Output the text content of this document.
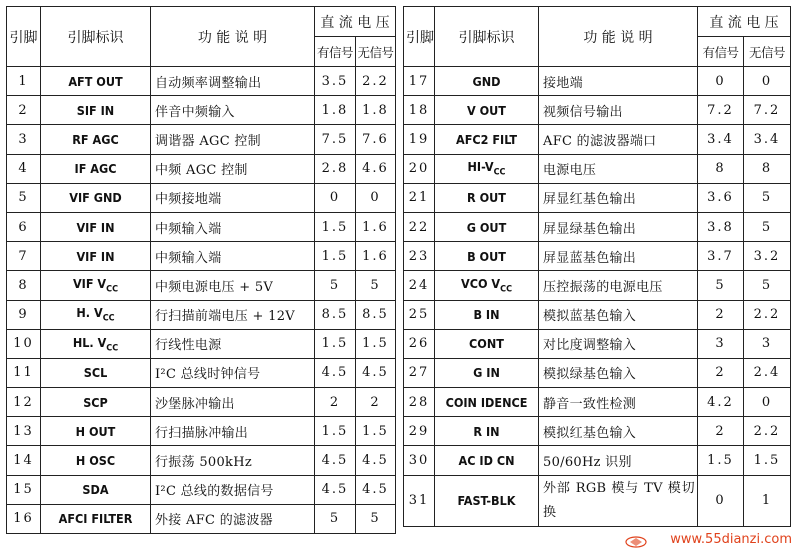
引脚	引脚标识	功 能 说 明	直 流 电 压	
			有信号	无信号
1	AFT OUT	自动频率调整输出	3.5	2.2
2	SIF IN	伴音中频输入	1.8	1.8
3	RF AGC	调谐器 AGC 控制	7.5	7.6
4	IF AGC	中频 AGC 控制	2.8	4.6
5	VIF GND	中频接地端	0	0
6	VIF IN	中频输入端	1.5	1.6
7	VIF IN	中频输入端	1.5	1.6
8	VIF $V_{CC}$	中频电源电压 + 5V	5	5
9	H. $V_{CC}$	行扫描前端电压 + 12V	8.5	8.5
10	HL. $V_{CC}$	行线性电源	1.5	1.5
11	SCL	I²C 总线时钟信号	4.5	4.5
12	SCP	沙堡脉冲输出	2	2
13	H OUT	行扫描脉冲输出	1.5	1.5
14	H OSC	行振荡 500kHz	4.5	4.5
15	SDA	I²C 总线的数据信号	4.5	4.5
16	AFCI FILTER	外接 AFC 的滤波器	5	5
引脚	引脚标识	功 能 说 明	直 流 电 压	
			有信号	无信号
17	GND	接地端	0	0
18	V OUT	视频信号输出	7.2	7.2
19	AFC2 FILT	AFC 的滤波器端口	3.4	3.4
20	$HI-V_{CC}$	电源电压	8	8
21	R OUT	屏显红基色输出	3.6	5
22	G OUT	屏显绿基色输出	3.8	5
23	B OUT	屏显蓝基色输出	3.7	3.2
24	VCO $V_{CC}$	压控振荡的电源电压	5	5
25	B IN	模拟蓝基色输入	2	2.2
26	CONT	对比度调整输入	3	3
27	G IN	模拟绿基色输入	2	2.4
28	COIN IDENCE	静音一致性检测	4.2	0
29	R IN	模拟红基色输入	2	2.2
30	AC ID CN	50/60Hz 识别	1.5	1.5
31	FAST-BLK	外部 RGB 模与 TV 模切换	0	1
www.55dianzi.com
